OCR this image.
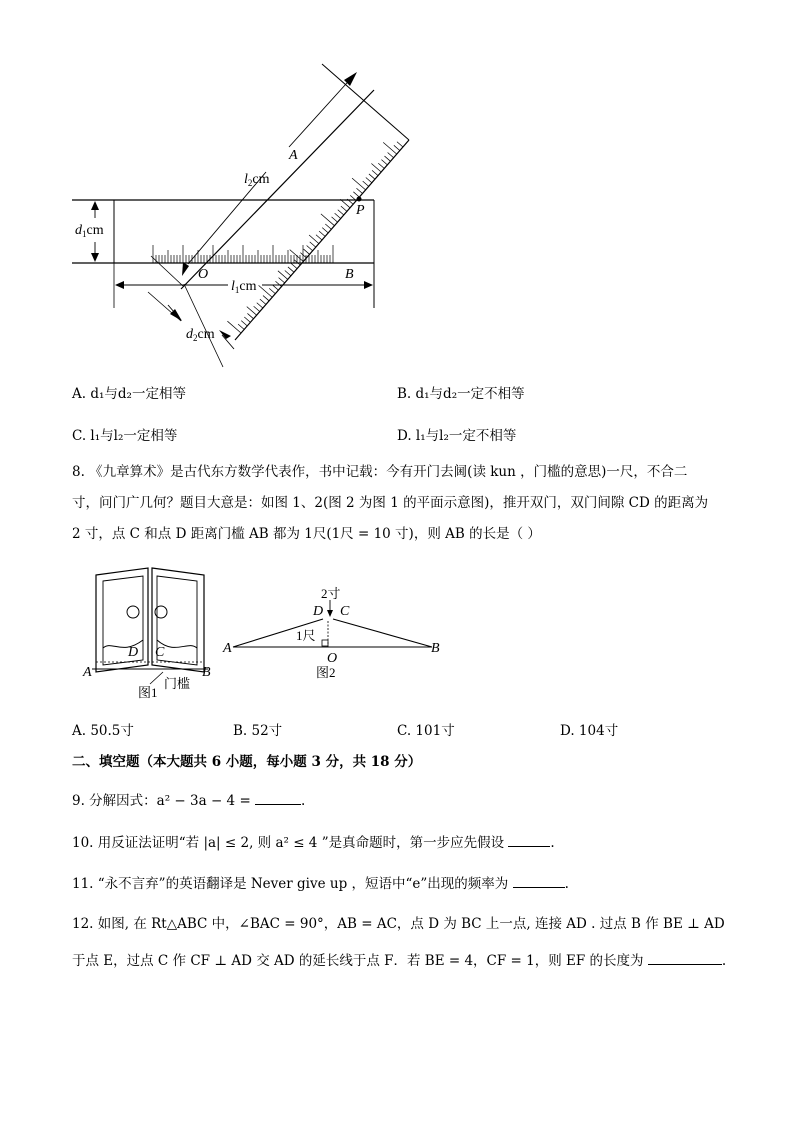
A
$l_2cm$
P
$d_1cm$
O	B
$l_1cm$
$d_2cm$
A. d₁与d₂一定相等	B. d₁与d₂一定不相等
C. l₁与l₂一定相等	D. l₁与l₂一定不相等
8. 《九章算术》是古代东方数学代表作，书中记载：今有开门去阃(读 kun ，门槛的意思)一尺，不合二
寸，问门广几何？题目大意是：如图 1、2(图 2 为图 1 的平面示意图)，推开双门，双门间隙 CD 的距离为
2 寸，点 C 和点 D 距离门槛 AB 都为 1尺(1尺 = 10 寸)，则 AB 的长是（ ）
A
D C
B
门槛
图1
A	B
D C
O
2寸
1尺
图2
A. 50.5寸	B. 52寸	C. 101寸	D. 104寸
二、填空题（本大题共 6 小题，每小题 3 分，共 18 分）
9. 分解因式：a² − 3a − 4 =	.
10. 用反证法证明“若 |a| ≤ 2, 则 a² ≤ 4 ”是真命题时，第一步应先假设	.
11. “永不言弃”的英语翻译是 Never give up ，短语中“e”出现的频率为	.
12. 如图, 在 Rt△ABC 中，∠BAC = 90°，AB = AC，点 D 为 BC 上一点, 连接 AD . 过点 B 作 BE ⊥ AD
于点 E，过点 C 作 CF ⊥ AD 交 AD 的延长线于点 F．若 BE = 4，CF = 1，则 EF 的长度为	.
